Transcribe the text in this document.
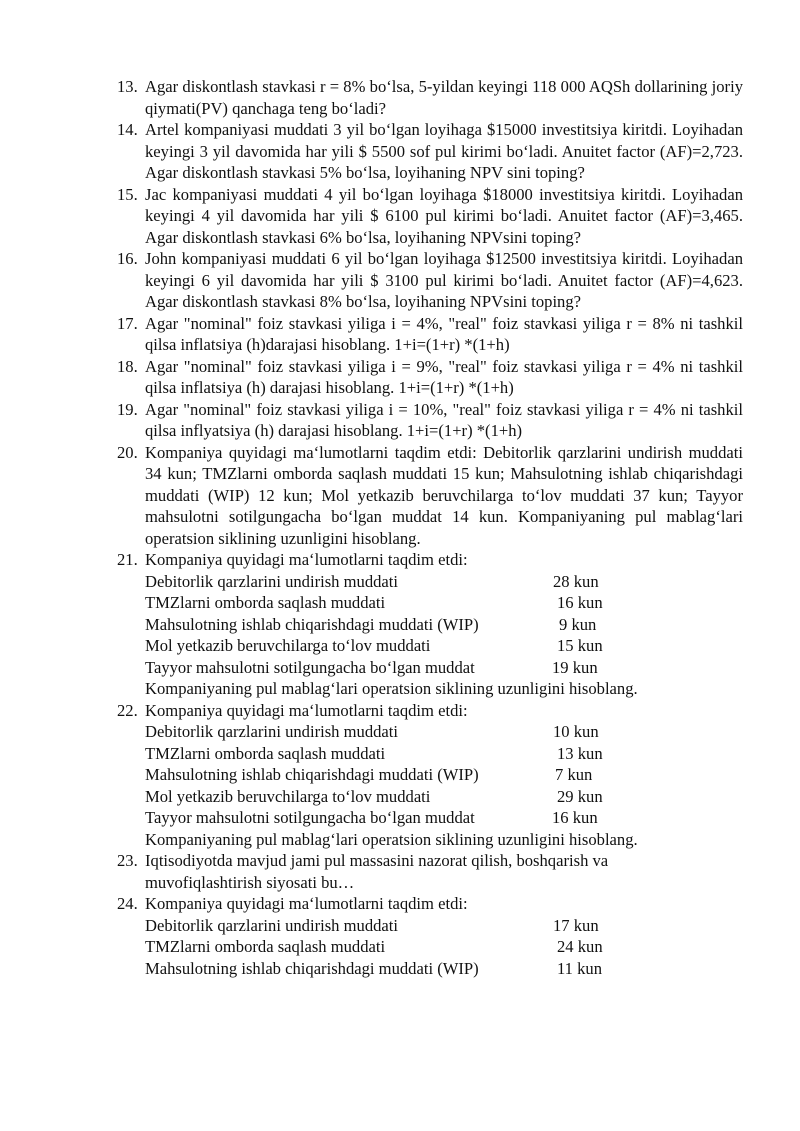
13. Agar diskontlash stavkasi r = 8% bo‘lsa, 5-yildan keyingi 118 000 AQSh dollarining joriy qiymati(PV) qanchaga teng bo‘ladi?
14. Artel kompaniyasi muddati 3 yil bo‘lgan loyihaga $15000 investitsiya kiritdi. Loyihadan keyingi 3 yil davomida har yili $ 5500 sof pul kirimi bo‘ladi. Anuitet factor (AF)=2,723. Agar diskontlash stavkasi 5% bo‘lsa, loyihaning NPV sini toping?
15. Jac kompaniyasi muddati 4 yil bo‘lgan loyihaga $18000 investitsiya kiritdi. Loyihadan keyingi 4 yil davomida har yili $ 6100 pul kirimi bo‘ladi. Anuitet factor (AF)=3,465. Agar diskontlash stavkasi 6% bo‘lsa, loyihaning NPVsini toping?
16. John kompaniyasi muddati 6 yil bo‘lgan loyihaga $12500 investitsiya kiritdi. Loyihadan keyingi 6 yil davomida har yili $ 3100 pul kirimi bo‘ladi. Anuitet factor (AF)=4,623. Agar diskontlash stavkasi 8% bo‘lsa, loyihaning NPVsini toping?
17. Agar "nominal" foiz stavkasi yiliga i = 4%, "real" foiz stavkasi yiliga r = 8% ni tashkil qilsa inflatsiya (h)darajasi hisoblang. 1+i=(1+r) *(1+h)
18. Agar "nominal" foiz stavkasi yiliga i = 9%, "real" foiz stavkasi yiliga r = 4% ni tashkil qilsa inflatsiya (h) darajasi hisoblang. 1+i=(1+r) *(1+h)
19. Agar "nominal" foiz stavkasi yiliga i = 10%, "real" foiz stavkasi yiliga r = 4% ni tashkil qilsa inflyatsiya (h) darajasi hisoblang. 1+i=(1+r) *(1+h)
20. Kompaniya quyidagi ma‘lumotlarni taqdim etdi: Debitorlik qarzlarini undirish muddati 34 kun; TMZlarni omborda saqlash muddati 15 kun; Mahsulotning ishlab chiqarishdagi muddati (WIP) 12 kun; Mol yetkazib beruvchilarga to‘lov muddati 37 kun; Tayyor mahsulotni sotilgungacha bo‘lgan muddat 14 kun. Kompaniyaning pul mablag‘lari operatsion siklining uzunligini hisoblang.
21. Kompaniya quyidagi ma‘lumotlarni taqdim etdi:
Debitorlik qarzlarini undirish muddati	28 kun
TMZlarni omborda saqlash muddati	16 kun
Mahsulotning ishlab chiqarishdagi muddati (WIP)	9 kun
Mol yetkazib beruvchilarga to‘lov muddati	15 kun
Tayyor mahsulotni sotilgungacha bo‘lgan muddat	19 kun
Kompaniyaning pul mablag‘lari operatsion siklining uzunligini hisoblang.
22. Kompaniya quyidagi ma‘lumotlarni taqdim etdi:
Debitorlik qarzlarini undirish muddati	10 kun
TMZlarni omborda saqlash muddati	13 kun
Mahsulotning ishlab chiqarishdagi muddati (WIP)	7 kun
Mol yetkazib beruvchilarga to‘lov muddati	29 kun
Tayyor mahsulotni sotilgungacha bo‘lgan muddat	16 kun
Kompaniyaning pul mablag‘lari operatsion siklining uzunligini hisoblang.
23. Iqtisodiyotda mavjud jami pul massasini nazorat qilish, boshqarish va
muvofiqlashtirish siyosati bu…
24. Kompaniya quyidagi ma‘lumotlarni taqdim etdi:
Debitorlik qarzlarini undirish muddati	17 kun
TMZlarni omborda saqlash muddati	24 kun
Mahsulotning ishlab chiqarishdagi muddati (WIP)	11 kun
